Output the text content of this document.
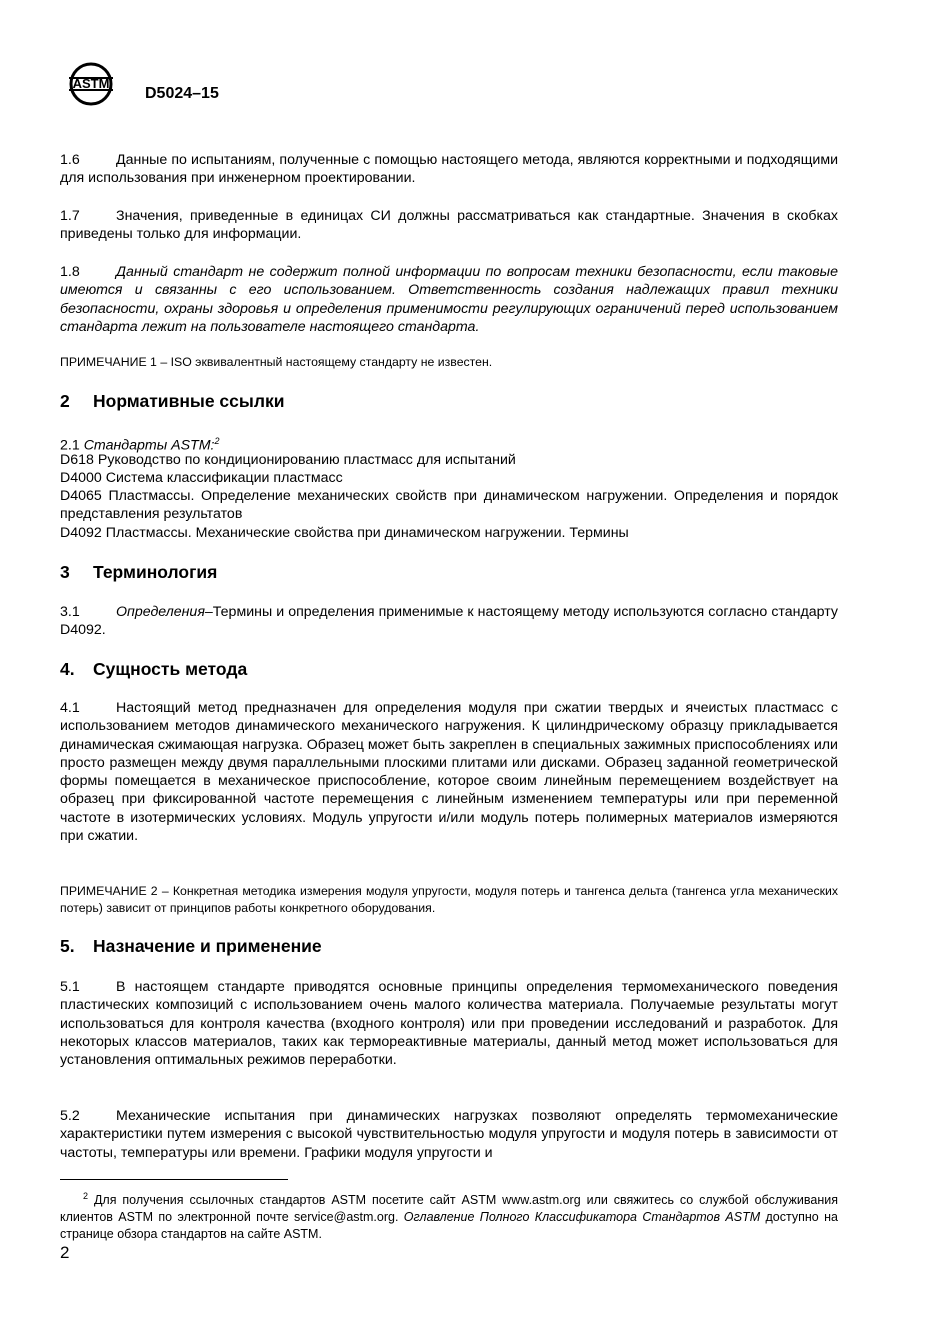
ASTM
D5024–15
1.6	Данные по испытаниям, полученные с помощью настоящего метода, являются корректными и подходящими для использования при инженерном проектировании.
1.7	Значения, приведенные в единицах СИ должны рассматриваться как стандартные. Значения в скобках приведены только для информации.
1.8	Данный стандарт не содержит полной информации по вопросам техники безопасности, если таковые имеются и связанны с его использованием. Ответственность создания надлежащих правил техники безопасности, охраны здоровья и определения применимости регулирующих ограничений перед использованием стандарта лежит на пользователе настоящего стандарта.
ПРИМЕЧАНИЕ 1 – ISO эквивалентный настоящему стандарту не известен.
2 Нормативные ссылки
2.1 Стандарты ASTM:$^2$
D618 Руководство по кондиционированию пластмасс для испытаний
D4000 Система классификации пластмасс
D4065 Пластмассы. Определение механических свойств при динамическом нагружении. Определения и порядок представления результатов
D4092 Пластмассы. Механические свойства при динамическом нагружении. Термины
3 Терминология
3.1	Определения–Термины и определения применимые к настоящему методу используются согласно стандарту D4092.
4. Сущность метода
4.1	Настоящий метод предназначен для определения модуля при сжатии твердых и ячеистых пластмасс с использованием методов динамического механического нагружения. К цилиндрическому образцу прикладывается динамическая сжимающая нагрузка. Образец может быть закреплен в специальных зажимных приспособлениях или просто размещен между двумя параллельными плоскими плитами или дисками. Образец заданной геометрической формы помещается в механическое приспособление, которое своим линейным перемещением воздействует на образец при фиксированной частоте перемещения с линейным изменением температуры или при переменной частоте в изотермических условиях. Модуль упругости и/или модуль потерь полимерных материалов измеряются при сжатии.
ПРИМЕЧАНИЕ 2 – Конкретная методика измерения модуля упругости, модуля потерь и тангенса дельта (тангенса угла механических потерь) зависит от принципов работы конкретного оборудования.
5. Назначение и применение
5.1	В настоящем стандарте приводятся основные принципы определения термомеханического поведения пластических композиций с использованием очень малого количества материала. Получаемые результаты могут использоваться для контроля качества (входного контроля) или при проведении исследований и разработок. Для некоторых классов материалов, таких как термореактивные материалы, данный метод может использоваться для установления оптимальных режимов переработки.
5.2	Механические испытания при динамических нагрузках позволяют определять термомеханические характеристики путем измерения с высокой чувствительностью модуля упругости и модуля потерь в зависимости от частоты, температуры или времени. Графики модуля упругости и
$^2$ Для получения ссылочных стандартов ASTM посетите сайт ASTM www.astm.org или свяжитесь со службой обслуживания клиентов ASTM по электронной почте service@astm.org. Оглавление Полного Классификатора Стандартов ASTM доступно на странице обзора стандартов на сайте ASTM.
2
